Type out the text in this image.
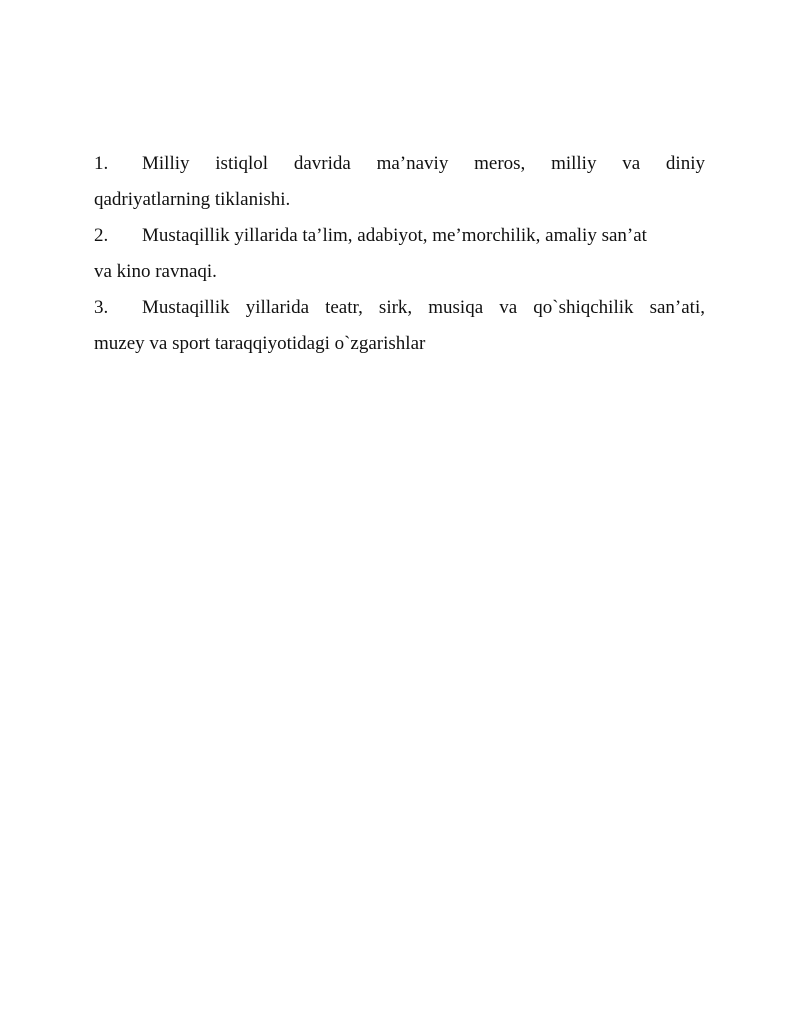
1. Milliy istiqlol davrida ma’naviy meros, milliy va diniy

qadriyatlarning tiklanishi.

2. Mustaqillik yillarida ta’lim, adabiyot, me’morchilik, amaliy san’at

va kino ravnaqi.

3. Mustaqillik yillarida teatr, sirk, musiqa va qo`shiqchilik san’ati,

muzey va sport taraqqiyotidagi o`zgarishlar
